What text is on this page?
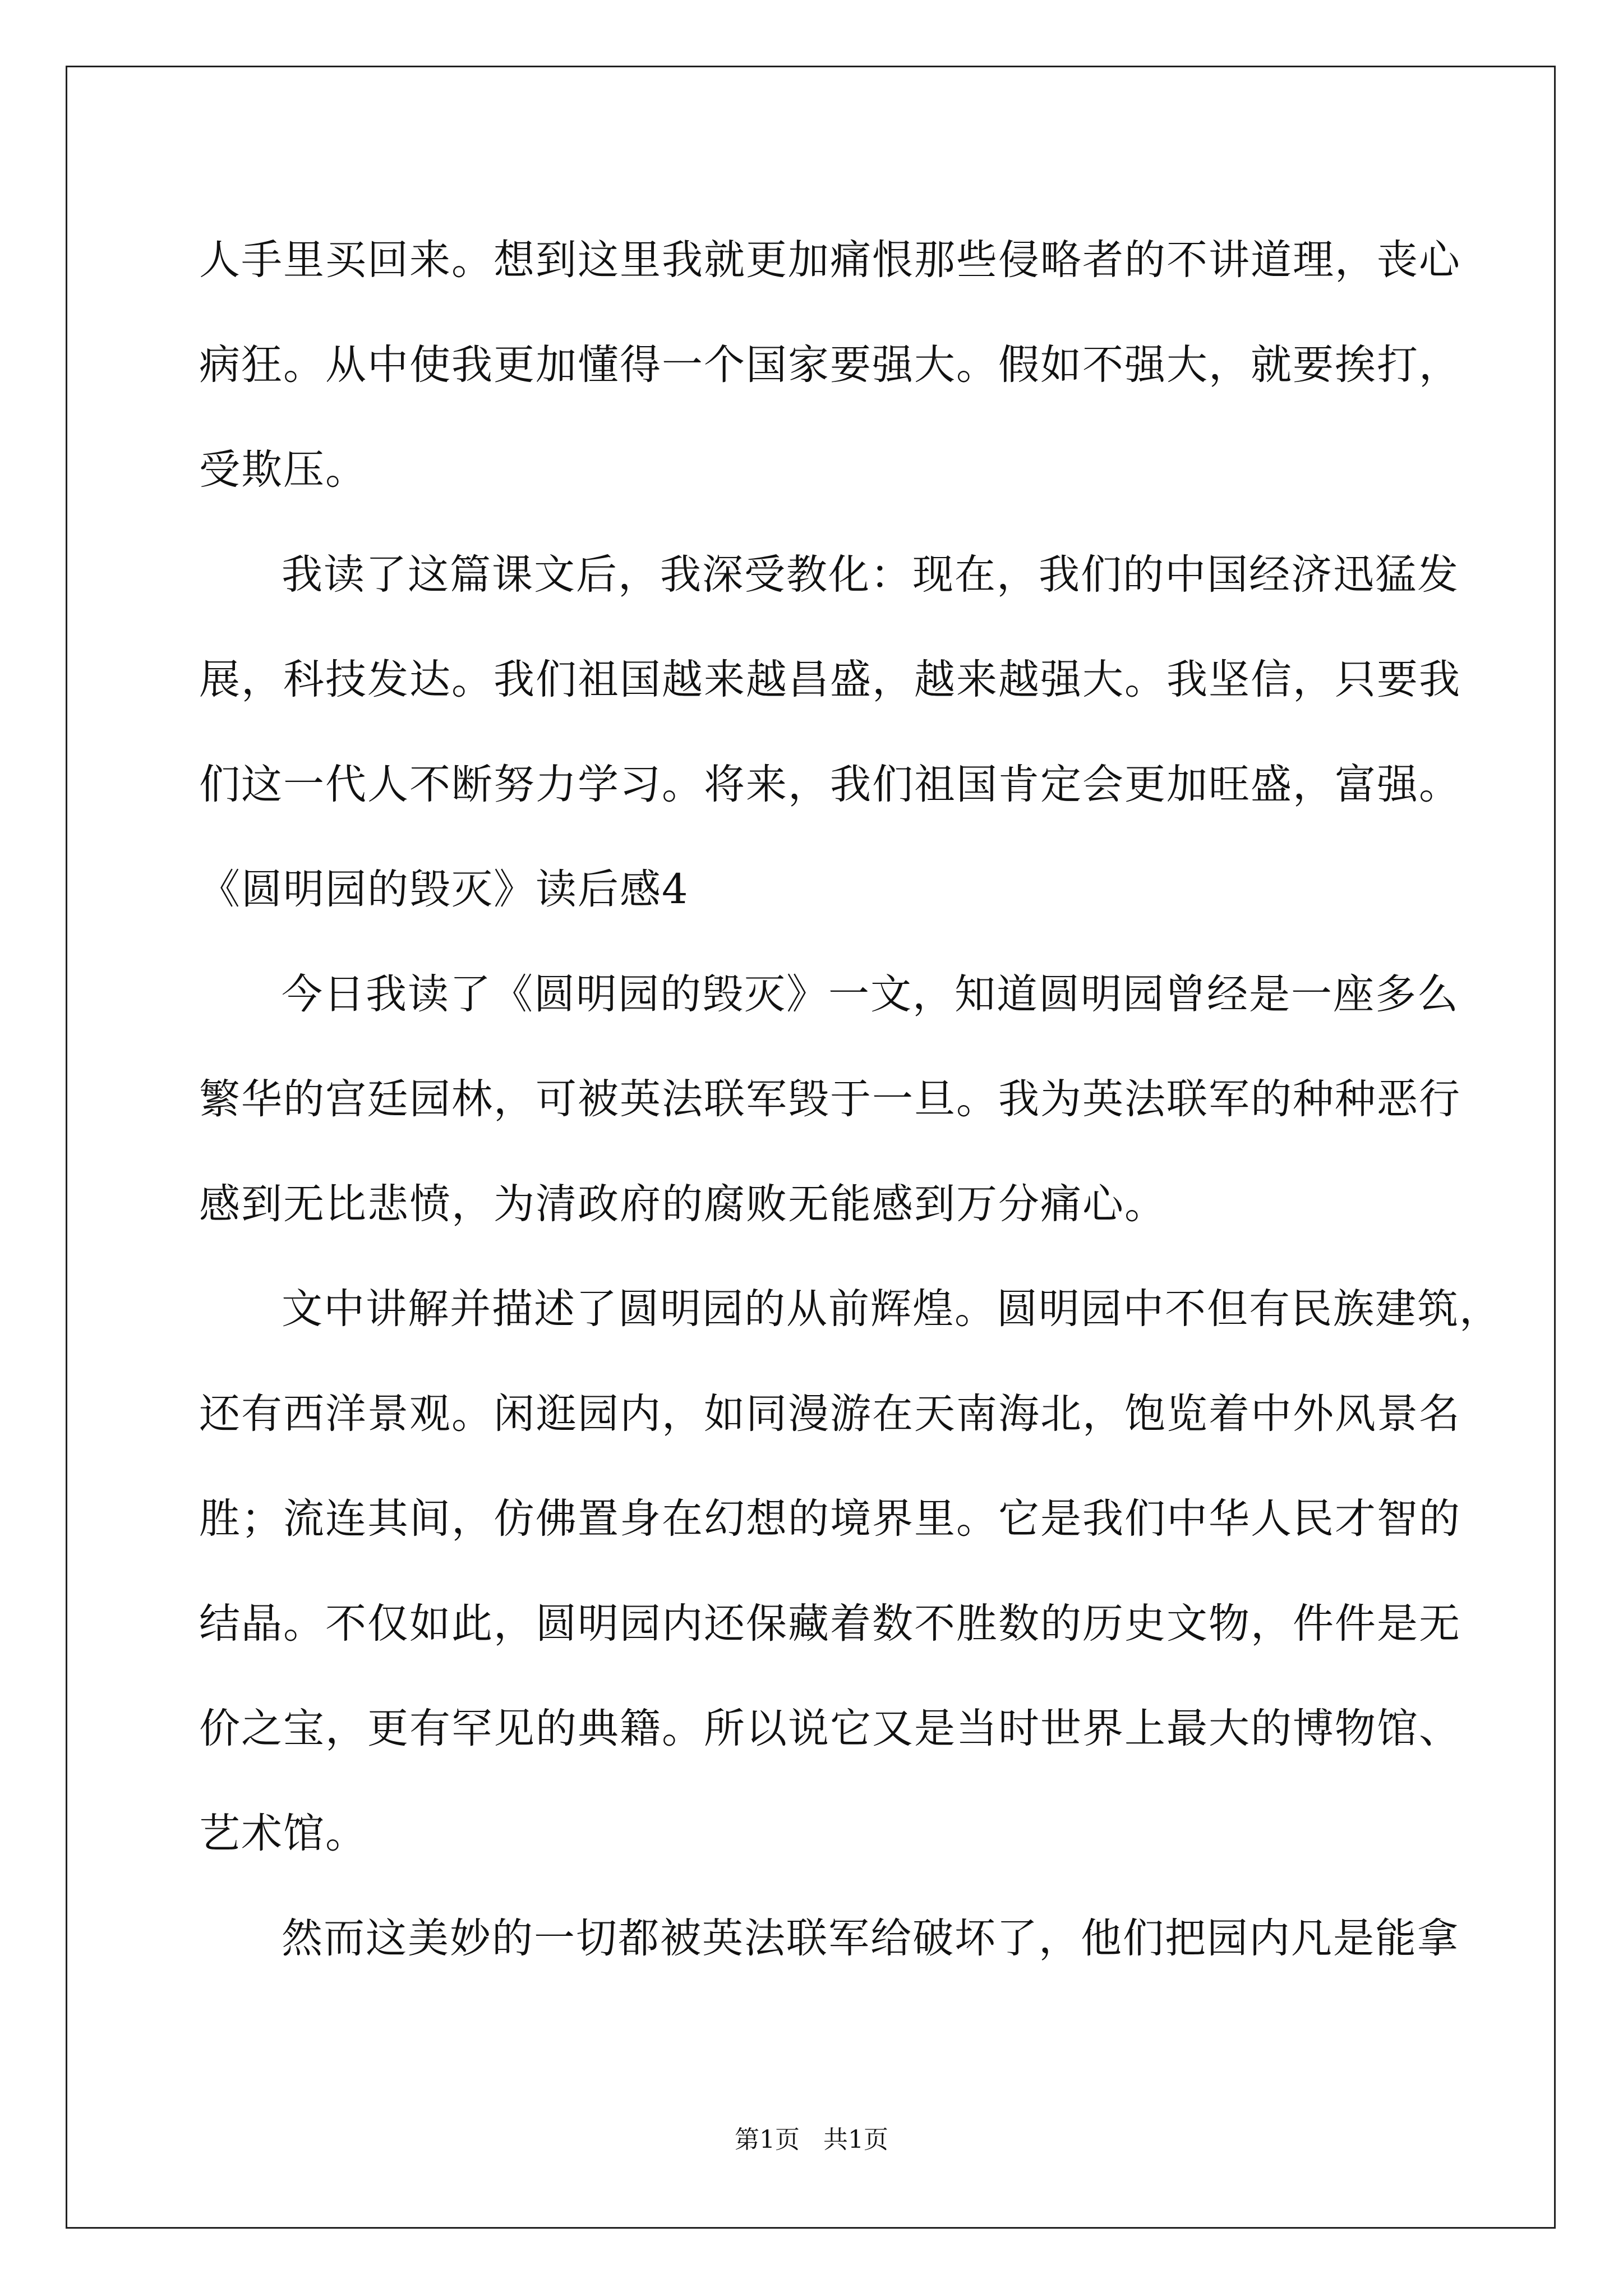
人手里买回来。想到这里我就更加痛恨那些侵略者的不讲道理，丧心
病狂。从中使我更加懂得一个国家要强大。假如不强大，就要挨打，
受欺压。
我读了这篇课文后，我深受教化：现在，我们的中国经济迅猛发
展，科技发达。我们祖国越来越昌盛，越来越强大。我坚信，只要我
们这一代人不断努力学习。将来，我们祖国肯定会更加旺盛，富强。
《圆明园的毁灭》读后感4
今日我读了《圆明园的毁灭》一文，知道圆明园曾经是一座多么
繁华的宫廷园林，可被英法联军毁于一旦。我为英法联军的种种恶行
感到无比悲愤，为清政府的腐败无能感到万分痛心。
文中讲解并描述了圆明园的从前辉煌。圆明园中不但有民族建筑，
还有西洋景观。闲逛园内，如同漫游在天南海北，饱览着中外风景名
胜；流连其间，仿佛置身在幻想的境界里。它是我们中华人民才智的
结晶。不仅如此，圆明园内还保藏着数不胜数的历史文物，件件是无
价之宝，更有罕见的典籍。所以说它又是当时世界上最大的博物馆、
艺术馆。
然而这美妙的一切都被英法联军给破坏了，他们把园内凡是能拿
第1页   共1页
